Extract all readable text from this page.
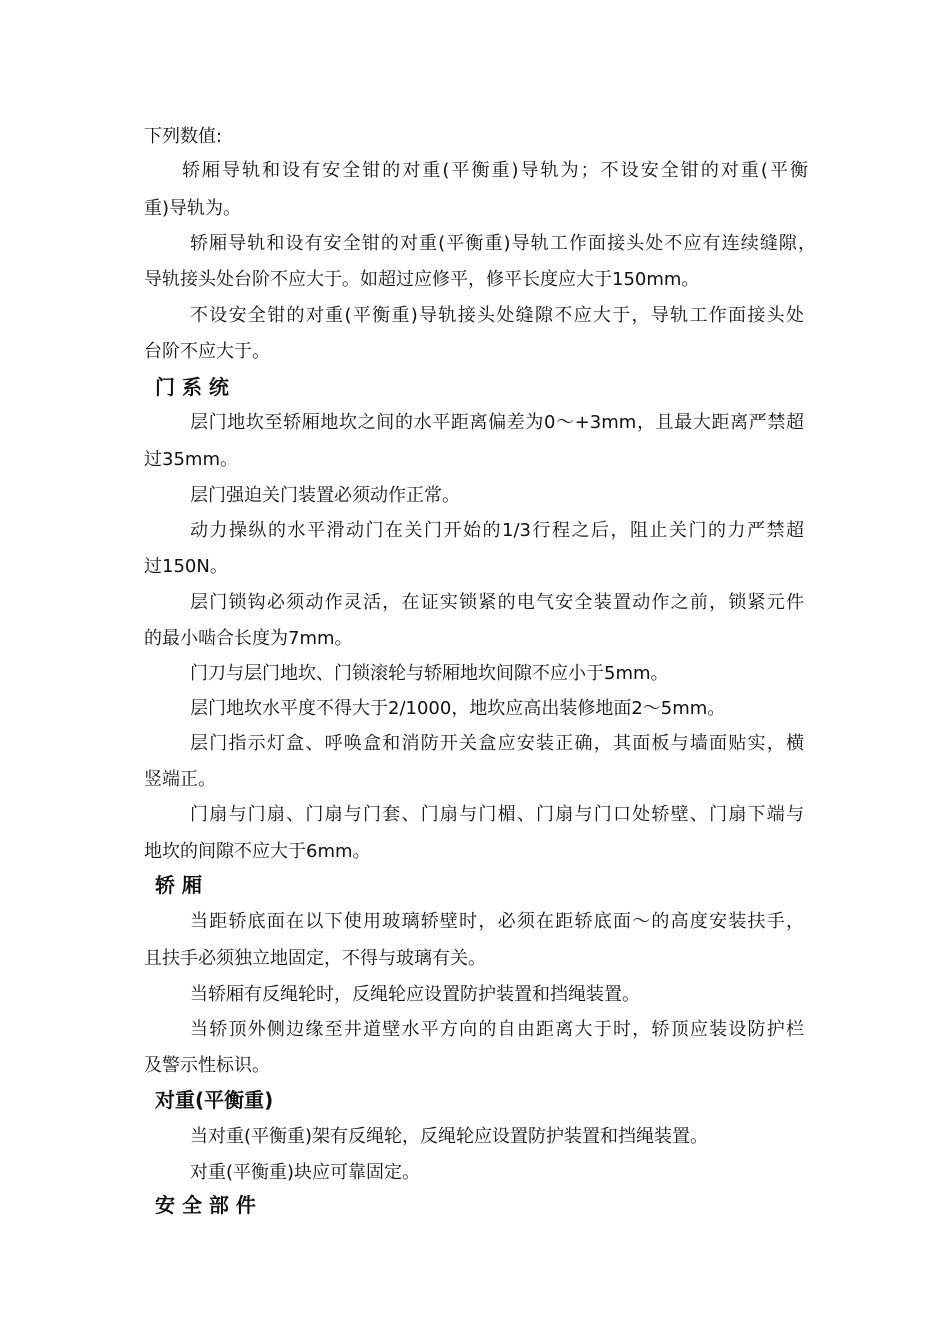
下列数值:

轿厢导轨和设有安全钳的对重(平衡重)导轨为；不设安全钳的对重(平衡

重)导轨为。

轿厢导轨和设有安全钳的对重(平衡重)导轨工作面接头处不应有连续缝隙，

导轨接头处台阶不应大于。如超过应修平，修平长度应大于150mm。

不设安全钳的对重(平衡重)导轨接头处缝隙不应大于，导轨工作面接头处

台阶不应大于。

门 系 统

层门地坎至轿厢地坎之间的水平距离偏差为0～+3mm，且最大距离严禁超

过35mm。

层门强迫关门装置必须动作正常。

动力操纵的水平滑动门在关门开始的1/3行程之后，阻止关门的力严禁超

过150N。

层门锁钩必须动作灵活，在证实锁紧的电气安全装置动作之前，锁紧元件

的最小啮合长度为7mm。

门刀与层门地坎、门锁滚轮与轿厢地坎间隙不应小于5mm。

层门地坎水平度不得大于2/1000，地坎应高出装修地面2～5mm。

层门指示灯盒、呼唤盒和消防开关盒应安装正确，其面板与墙面贴实，横

竖端正。

门扇与门扇、门扇与门套、门扇与门楣、门扇与门口处轿壁、门扇下端与

地坎的间隙不应大于6mm。

轿 厢

当距轿底面在以下使用玻璃轿壁时，必须在距轿底面～的高度安装扶手，

且扶手必须独立地固定，不得与玻璃有关。

当轿厢有反绳轮时，反绳轮应设置防护装置和挡绳装置。

当轿顶外侧边缘至井道壁水平方向的自由距离大于时，轿顶应装设防护栏

及警示性标识。

对重(平衡重)

当对重(平衡重)架有反绳轮，反绳轮应设置防护装置和挡绳装置。

对重(平衡重)块应可靠固定。

安 全 部 件
